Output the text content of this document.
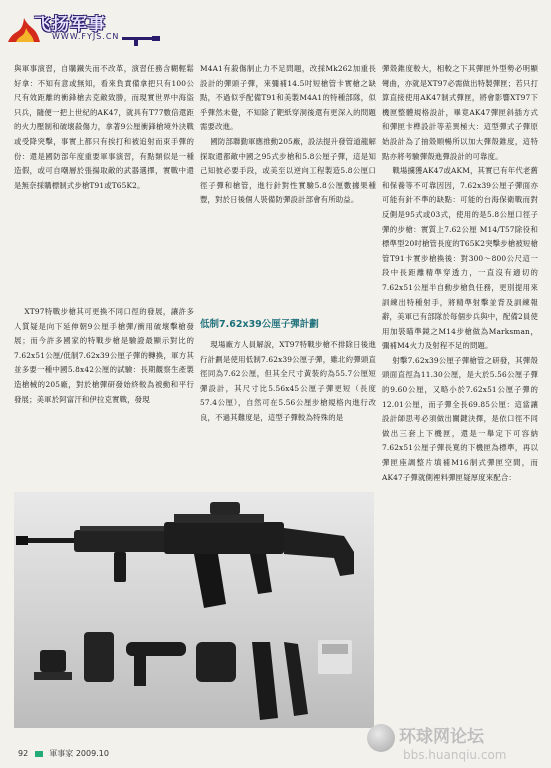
飞扬军事
WWW.FYJS.CN

與軍事演習，自購鐵失而不改革，演習任務含糊輕鬆好拿：不知有意或無知，看來負責備拿把只有100公尺有效距離的衝鋒槍去克敵致勝，而現實世界中海盜只兵，隨便一把上世紀的AK47，就具有T77數倍還距的火力壓制和破壞殺傷力，拿著9公厘衝鋒槍境外決戰或受降突擊，事實上都只有挨打和被追射而束手彈的份：還是國防部年度重要軍事演習，有點類似是一種造假，或可自嘲層於張揚取敵的武器選擇，實戰中還是無奈採購標制式步槍T91或T65K2。

XT97特戰步槍其可更換不同口徑的發展，讓許多人質疑是向下延伸朝9公厘手槍彈/衝用破壞擊槍發展；而今許多國家的特戰步槍是驗證最顯示對比的7.62x51公厘/低制7.62x39公厘子彈的轉換，軍方其並多要一種中國5.8x42公厘的試驗：長期觀察生產製造槍械的205廠，對於槍彈研發始終較為被動和平行發展；美軍於阿富汗和伊拉克實戰，發現

M4A1有殺傷制止力不足問題，改採Mk262加重長設計的彈頭子彈，來彌補14.5吋短槍管卡實槍之缺點，不過似乎配備T91和美製M4A1的特種部隊，似乎彈然未覺，不知除了靶紙穿洞後還有更深入的問題需要改進。

國防部聯勤軍應推動205廠，設法提升發管道龍解探取還都敵中國之95式步槍和5.8公厘子彈，這是知己知彼必要手段，或美至以逆向工程製造5.8公厘口徑子彈和槍管，進行針對性實驗5.8公厘數據果種豐，對於日後個人裝備防彈設計部會有所助益。

低制7.62x39公厘子彈計劃

現場廠方人員解說，XT97特戰步槍不排除日後進行計劃是使用低制7.62x39公厘子彈，雖北約彈頭直徑同為7.62公厘，但其全尺寸黃裝約為55.7公厘短彈設計，其尺寸比5.56x45公厘子彈更短（長度57.4公厘），自然可在5.56公厘步槍規格內進行改良，不過其難度是，這型子彈較為特殊的是

彈殼錐度較大，相較之下其彈匣外型勢必明顯彎曲，亦就是XT97必需做出特製彈匣；若只打算直接使用AK47制式彈匣，將會影響XT97下機匣整體規格設計，畢竟AK47彈匣斜插方式和彈匣卡榫設計等差異極大：這型彈式子彈原始設計為了抽殼順暢所以加大彈殼錐度，這特點亦將考驗彈殼進彈設計的可靠度。

戰場擄獲AK47或AKM，其實已有年代老舊和保養等不可靠因因，7.62x39公厘子彈面亦可能有針不準的缺點：可能的台海保衛戰而對反側是95式或03式，使用的是5.8公厘口徑子彈的步槍：實質上7.62公厘 M14/T57除役和標準型20吋槍管長度的T65K2突擊步槍被短槍管T91卡實步槍換後：對300～800公尺這一段中長距離精準穿透力，一直沒有適切的7.62x51公厘半自動步槍負任務，更別提用來訓練出特種射手，將精準射擊並背及訓練報辭，美軍已有部隊於每個步兵與中，配備2員使用加裝瞄準鏡之M14步槍做為Marksman，彌補M4火力及射程不足的問題。

射擊7.62x39公厘子彈槍管之研發，其彈殼頭面直徑為11.30公厘，是大於5.56公厘子彈的9.60公厘，又略小於7.62x51公厘子彈的12.01公厘，而子彈全長69.85公厘：這當讓設計師思考必須做出關鍵決擇，是依口徑不同做出三套上下機匣，還是一舉定下可容納7.62x51公厘子彈長寬的下機匣為標準，再以彈匣座調整片填補M16制式彈匣空間，而AK47子彈就側裡料彈匣疑厚度來配合：

92	軍事家 2009.10
环球网论坛
bbs.huanqiu.com
